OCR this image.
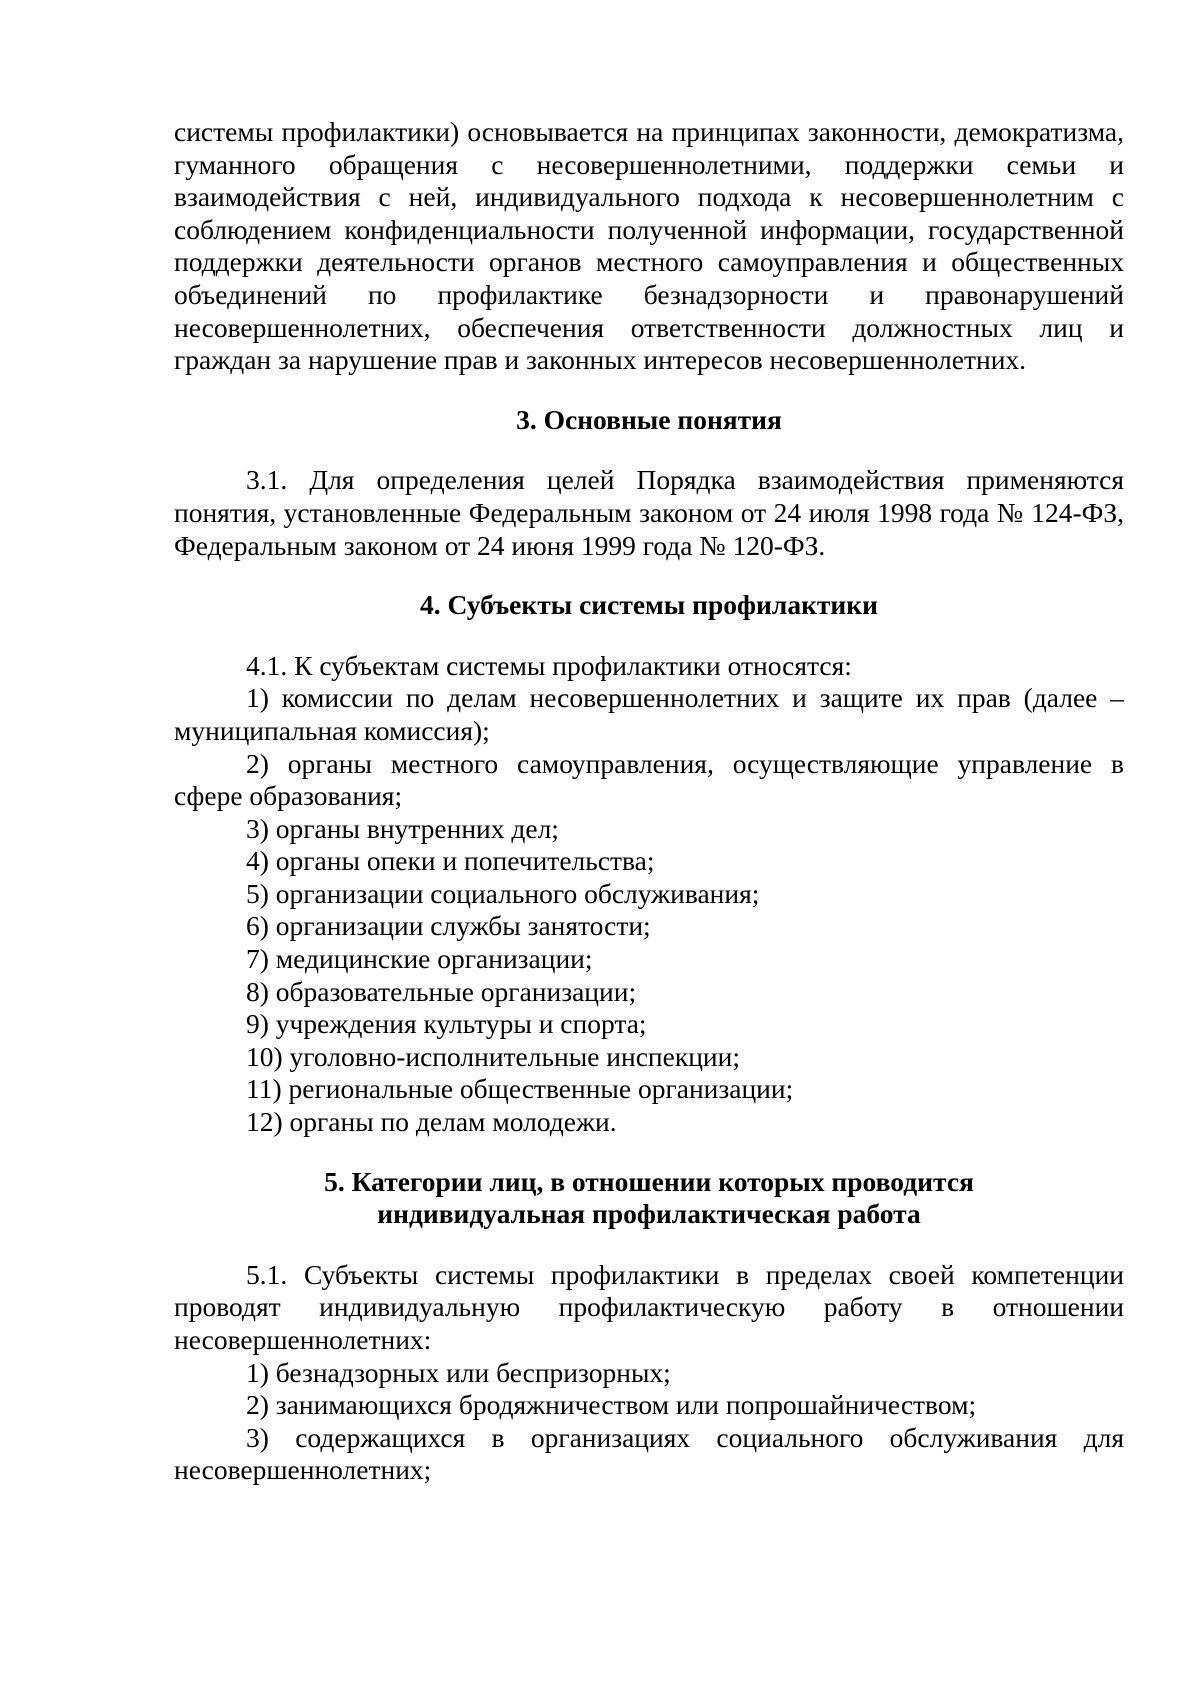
системы профилактики) основывается на принципах законности, демократизма, гуманного обращения с несовершеннолетними, поддержки семьи и взаимодействия с ней, индивидуального подхода к несовершеннолетним с соблюдением конфиденциальности полученной информации, государственной поддержки деятельности органов местного самоуправления и общественных объединений по профилактике безнадзорности и правонарушений несовершеннолетних, обеспечения ответственности должностных лиц и граждан за нарушение прав и законных интересов несовершеннолетних.

3. Основные понятия

3.1. Для определения целей Порядка взаимодействия применяются понятия, установленные Федеральным законом от 24 июля 1998 года № 124-ФЗ, Федеральным законом от 24 июня 1999 года № 120-ФЗ.

4. Субъекты системы профилактики

4.1. К субъектам системы профилактики относятся:

1) комиссии по делам несовершеннолетних и защите их прав (далее – муниципальная комиссия);

2) органы местного самоуправления, осуществляющие управление в сфере образования;

3) органы внутренних дел;

4) органы опеки и попечительства;

5) организации социального обслуживания;

6) организации службы занятости;

7) медицинские организации;

8) образовательные организации;

9) учреждения культуры и спорта;

10) уголовно-исполнительные инспекции;

11) региональные общественные организации;

12) органы по делам молодежи.

5. Категории лиц, в отношении которых проводится
индивидуальная профилактическая работа

5.1. Субъекты системы профилактики в пределах своей компетенции проводят индивидуальную профилактическую работу в отношении несовершеннолетних:

1) безнадзорных или беспризорных;

2) занимающихся бродяжничеством или попрошайничеством;

3) содержащихся в организациях социального обслуживания для несовершеннолетних;
